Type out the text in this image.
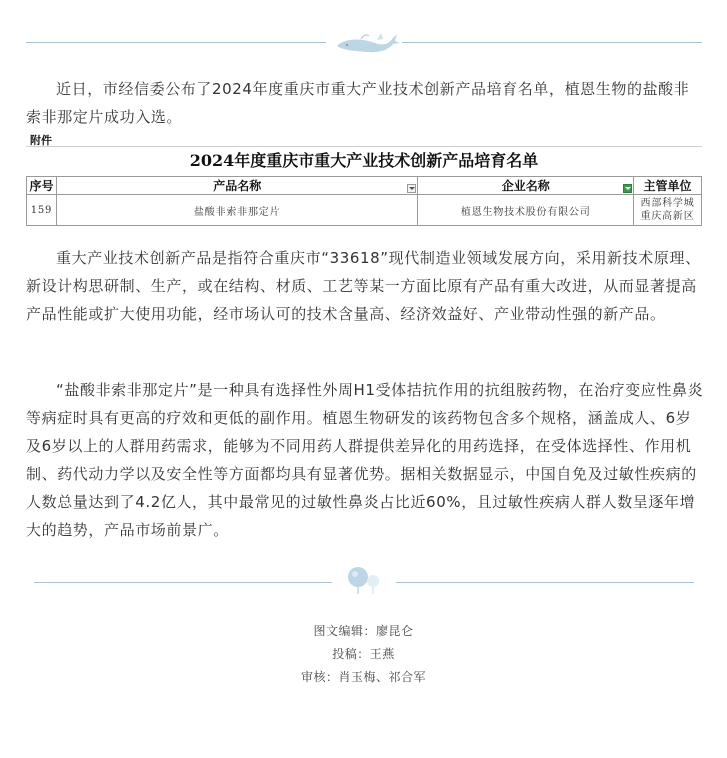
近日，市经信委公布了2024年度重庆市重大产业技术创新产品培育名单，植恩生物的盐酸非索非那定片成功入选。

附件
2024年度重庆市重大产业技术创新产品培育名单
序号	产品名称	企业名称	主管单位
159	盐酸非索非那定片	植恩生物技术股份有限公司	西部科学城
重庆高新区

重大产业技术创新产品是指符合重庆市“33618”现代制造业领域发展方向，采用新技术原理、新设计构思研制、生产，或在结构、材质、工艺等某一方面比原有产品有重大改进，从而显著提高产品性能或扩大使用功能，经市场认可的技术含量高、经济效益好、产业带动性强的新产品。

“盐酸非索非那定片”是一种具有选择性外周H1受体拮抗作用的抗组胺药物，在治疗变应性鼻炎等病症时具有更高的疗效和更低的副作用。植恩生物研发的该药物包含多个规格，涵盖成人、6岁及6岁以上的人群用药需求，能够为不同用药人群提供差异化的用药选择，在受体选择性、作用机制、药代动力学以及安全性等方面都均具有显著优势。据相关数据显示，中国自免及过敏性疾病的人数总量达到了4.2亿人，其中最常见的过敏性鼻炎占比近60%，且过敏性疾病人群人数呈逐年增大的趋势，产品市场前景广。

图文编辑：廖昆仑
投稿：王燕
审核：肖玉梅、祁合军
